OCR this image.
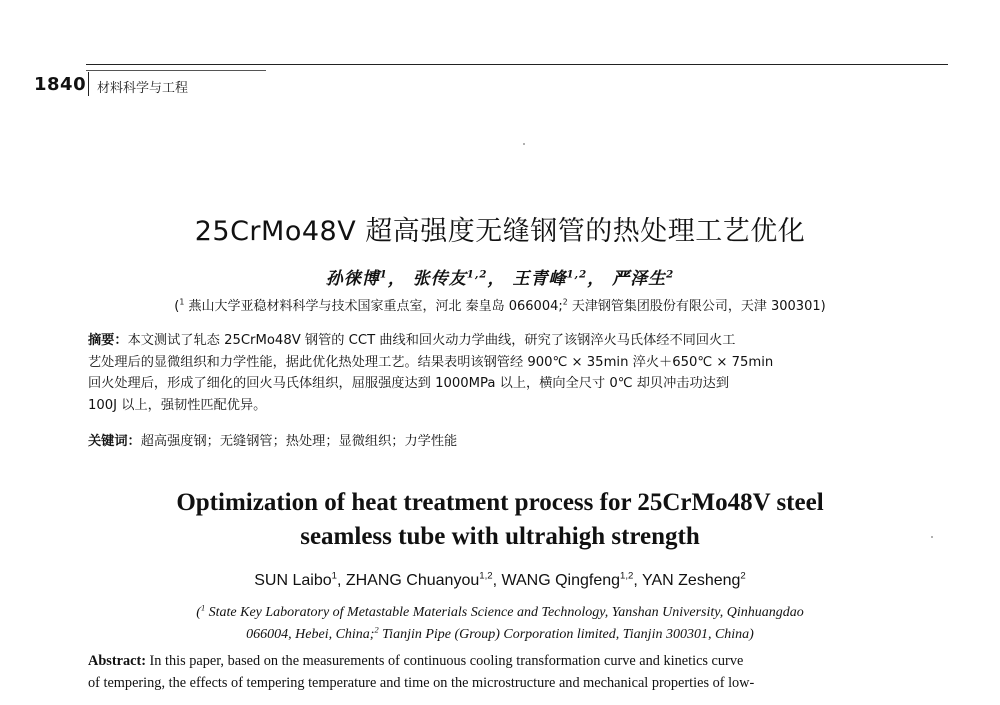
1840 材料科学与工程
25CrMo48V 超高强度无缝钢管的热处理工艺优化
孙徕博$^1$， 张传友$^{1,2}$， 王青峰$^{1,2}$， 严泽生$^2$
($^1$ 燕山大学亚稳材料科学与技术国家重点室，河北 秦皇岛 066004;$^2$ 天津钢管集团股份有限公司，天津 300301)
摘要：本文测试了轧态 25CrMo48V 钢管的 CCT 曲线和回火动力学曲线，研究了该钢淬火马氏体经不同回火工
艺处理后的显微组织和力学性能，据此优化热处理工艺。结果表明该钢管经 900℃ × 35min 淬火＋650℃ × 75min
回火处理后，形成了细化的回火马氏体组织，屈服强度达到 1000MPa 以上，横向全尺寸 0℃ 却贝冲击功达到
100J 以上，强韧性匹配优异。
关键词：超高强度钢；无缝钢管；热处理；显微组织；力学性能
Optimization of heat treatment process for 25CrMo48V steel
seamless tube with ultrahigh strength
SUN Laibo$^1$, ZHANG Chuanyou$^{1,2}$, WANG Qingfeng$^{1,2}$, YAN Zesheng$^2$
($^1$ State Key Laboratory of Metastable Materials Science and Technology, Yanshan University, Qinhuangdao
066004, Hebei, China;$^2$ Tianjin Pipe (Group) Corporation limited, Tianjin 300301, China)
Abstract: In this paper, based on the measurements of continuous cooling transformation curve and kinetics curve
of tempering, the effects of tempering temperature and time on the microstructure and mechanical properties of low-
